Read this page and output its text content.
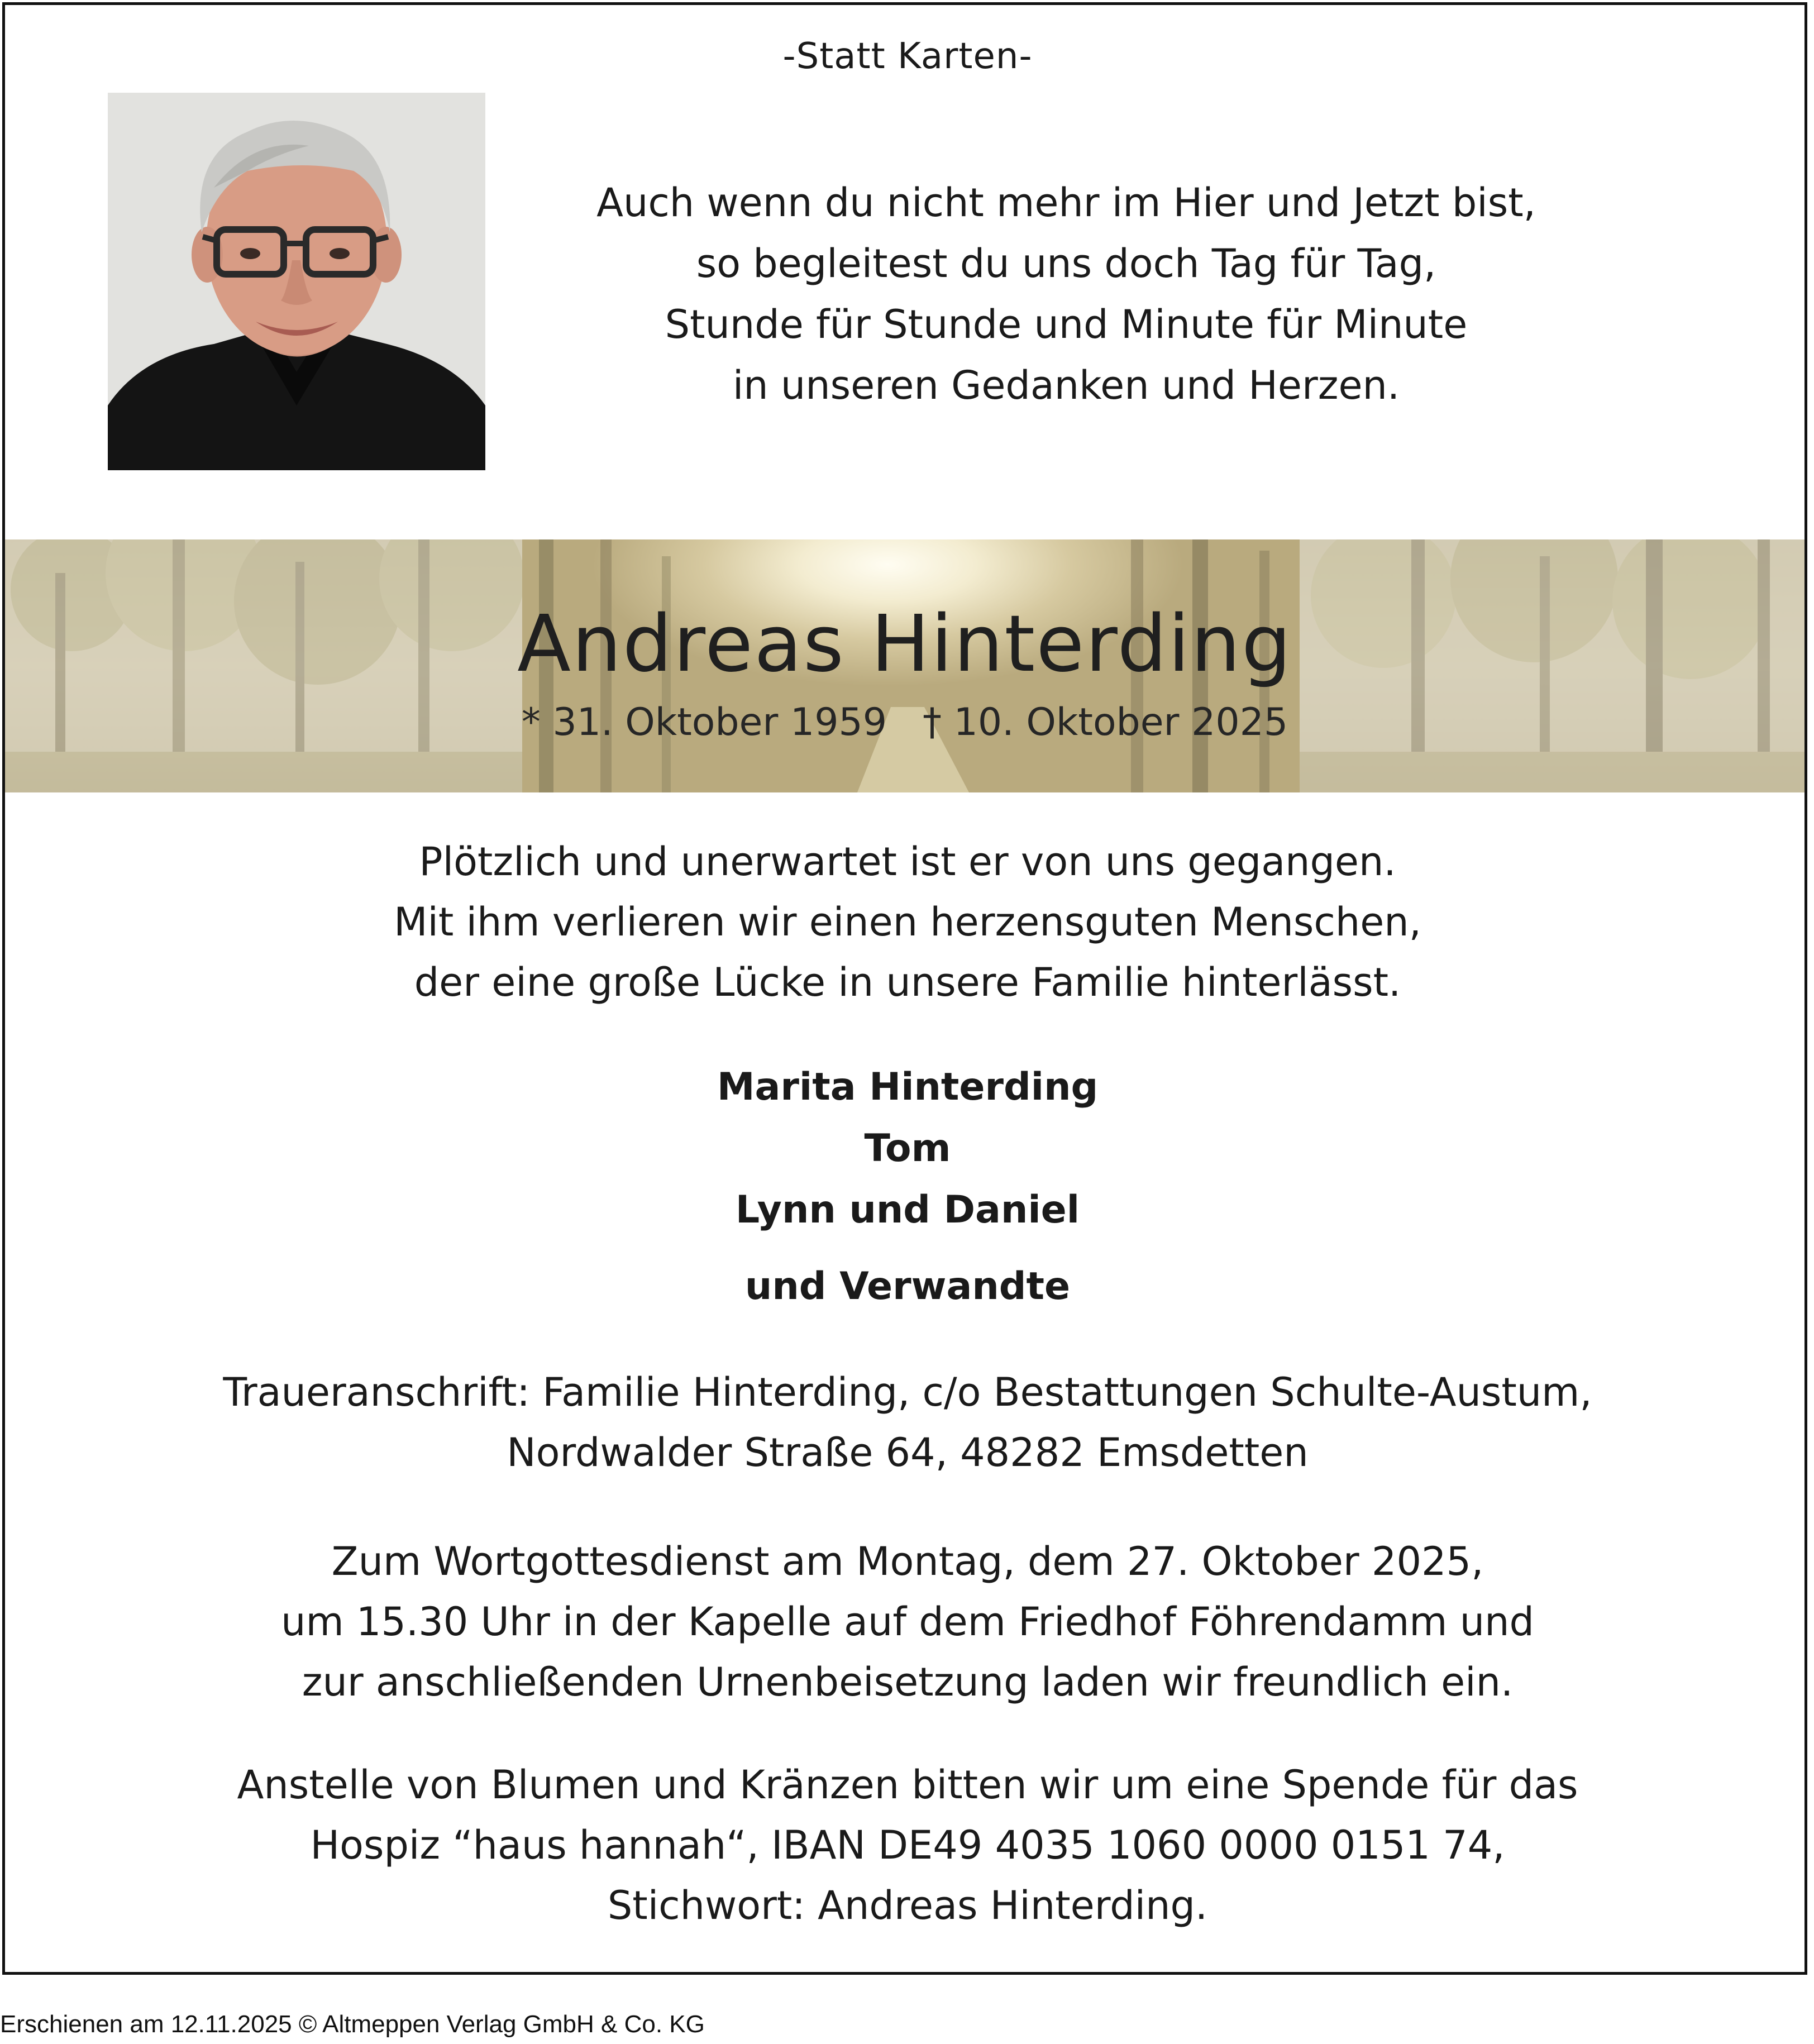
-Statt Karten-
Auch wenn du nicht mehr im Hier und Jetzt bist,
so begleitest du uns doch Tag für Tag,
Stunde für Stunde und Minute für Minute
in unseren Gedanken und Herzen.
Andreas Hinterding
* 31. Oktober 1959 † 10. Oktober 2025
Plötzlich und unerwartet ist er von uns gegangen.
Mit ihm verlieren wir einen herzensguten Menschen,
der eine große Lücke in unsere Familie hinterlässt.
Marita Hinterding
Tom
Lynn und Daniel
und Verwandte
Traueranschrift: Familie Hinterding, c/o Bestattungen Schulte-Austum,
Nordwalder Straße 64, 48282 Emsdetten
Zum Wortgottesdienst am Montag, dem 27. Oktober 2025,
um 15.30 Uhr in der Kapelle auf dem Friedhof Föhrendamm und
zur anschließenden Urnenbeisetzung laden wir freundlich ein.
Anstelle von Blumen und Kränzen bitten wir um eine Spende für das
Hospiz “haus hannah“, IBAN DE49 4035 1060 0000 0151 74,
Stichwort: Andreas Hinterding.
Erschienen am 12.11.2025 © Altmeppen Verlag GmbH & Co. KG
